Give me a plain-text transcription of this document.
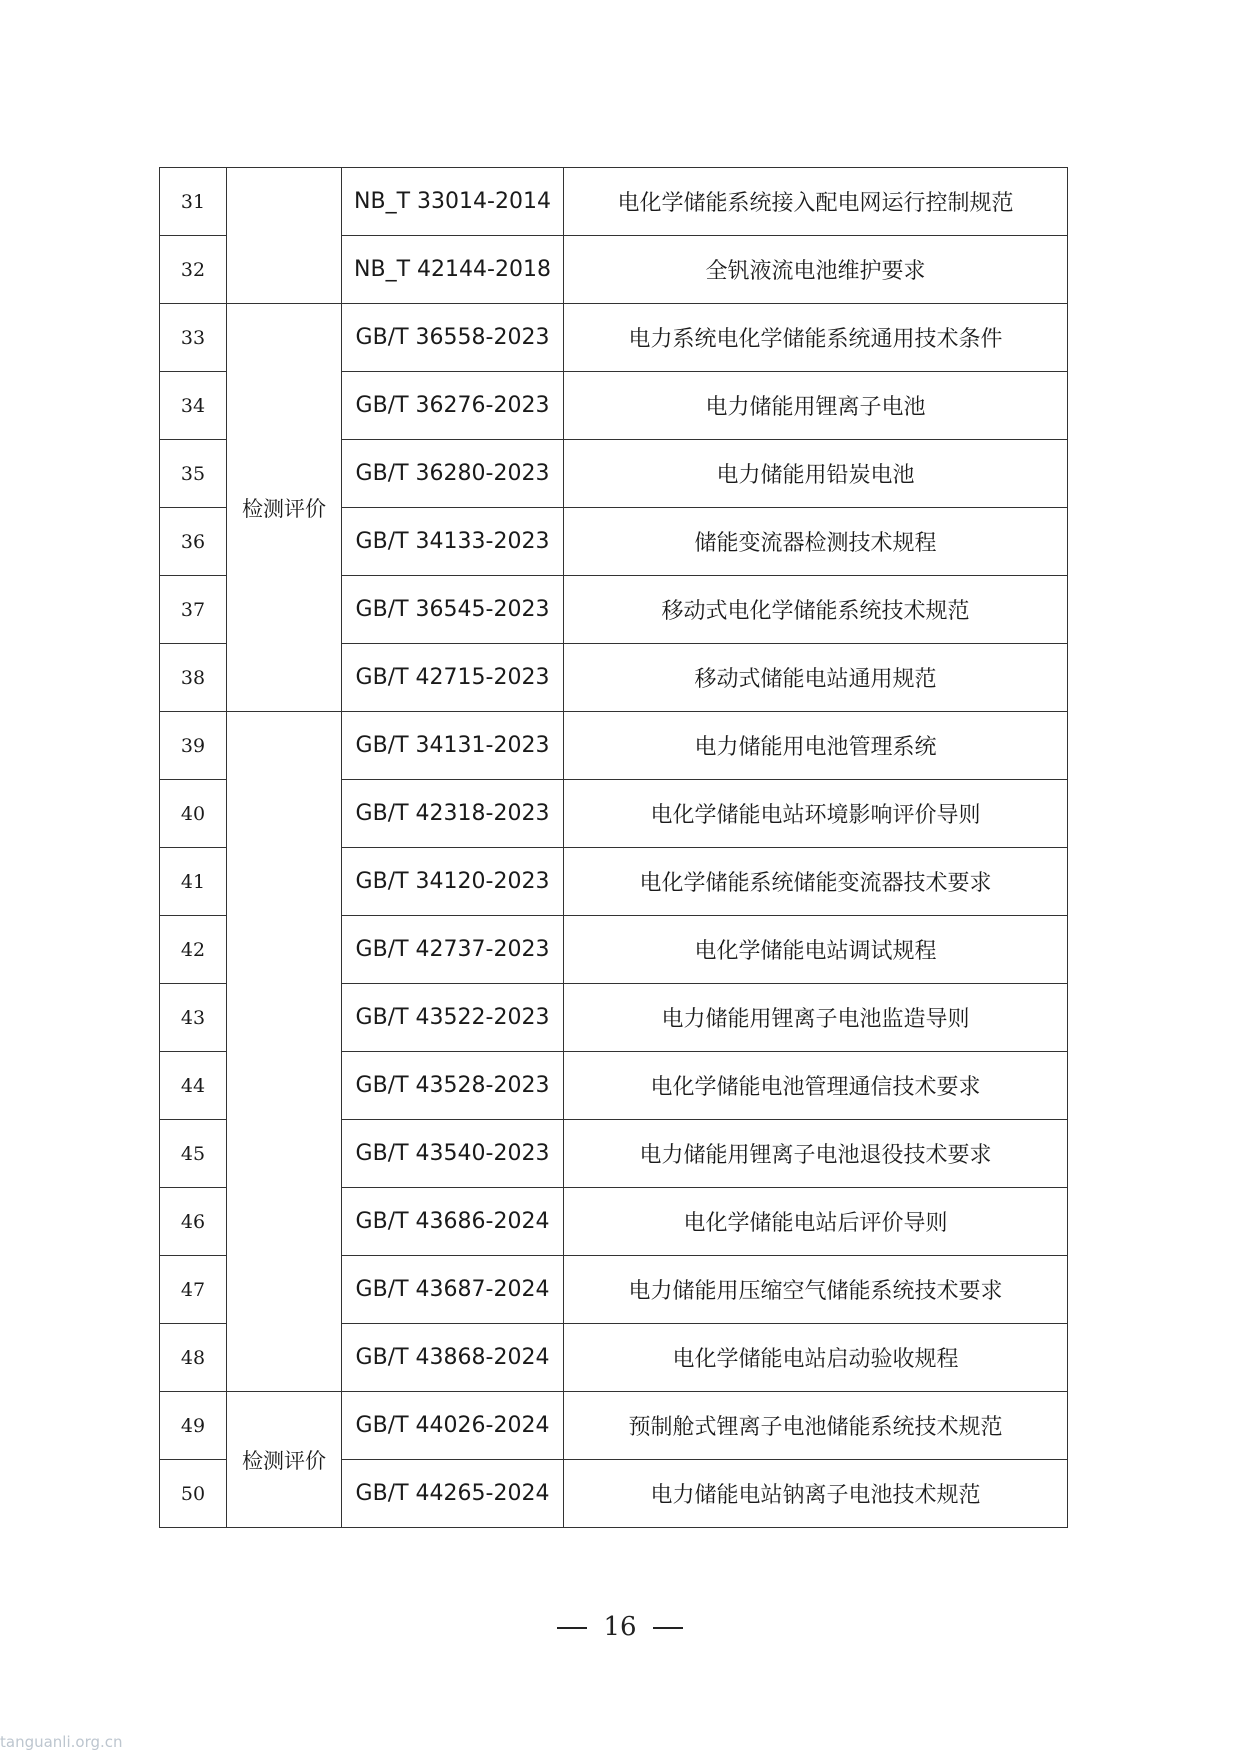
31		NB_T 33014-2014	电化学储能系统接入配电网运行控制规范
32		NB_T 42144-2018	全钒液流电池维护要求
33	检测评价	GB/T 36558-2023	电力系统电化学储能系统通用技术条件
34		GB/T 36276-2023	电力储能用锂离子电池
35		GB/T 36280-2023	电力储能用铅炭电池
36		GB/T 34133-2023	储能变流器检测技术规程
37		GB/T 36545-2023	移动式电化学储能系统技术规范
38		GB/T 42715-2023	移动式储能电站通用规范
39		GB/T 34131-2023	电力储能用电池管理系统
40		GB/T 42318-2023	电化学储能电站环境影响评价导则
41		GB/T 34120-2023	电化学储能系统储能变流器技术要求
42		GB/T 42737-2023	电化学储能电站调试规程
43		GB/T 43522-2023	电力储能用锂离子电池监造导则
44		GB/T 43528-2023	电化学储能电池管理通信技术要求
45		GB/T 43540-2023	电力储能用锂离子电池退役技术要求
46		GB/T 43686-2024	电化学储能电站后评价导则
47		GB/T 43687-2024	电力储能用压缩空气储能系统技术要求
48		GB/T 43868-2024	电化学储能电站启动验收规程
49	检测评价	GB/T 44026-2024	预制舱式锂离子电池储能系统技术规范
50		GB/T 44265-2024	电力储能电站钠离子电池技术规范
16
tanguanli.org.cn
